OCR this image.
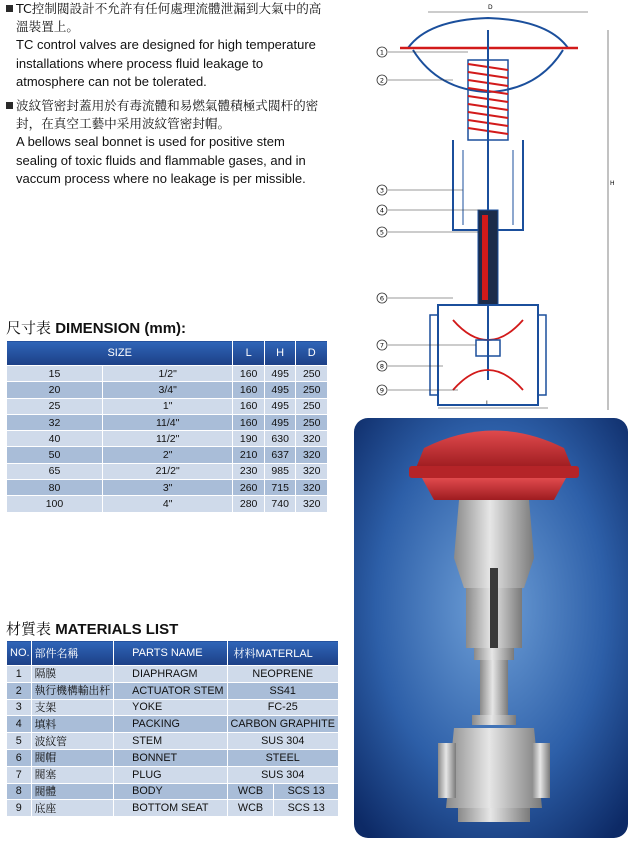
TC控制閥設計不允許有任何處理流體泄漏到大氣中的高溫裝置上。
TC control valves are designed for high temperature installations where process fluid leakage to atmosphere can not be tolerated.
波紋管密封蓋用於有毒流體和易燃氣體積極式閥杆的密封，在真空工藝中采用波紋管密封帽。
A bellows seal bonnet is used for positive stem sealing of toxic fluids and flammable gases, and in vaccum process where no leakage is per missible.
尺寸表 DIMENSION (mm):
SIZE		L	H	D
15	1/2"	160	495	250
20	3/4"	160	495	250
25	1"	160	495	250
32	11/4"	160	495	250
40	11/2"	190	630	320
50	2"	210	637	320
65	21/2"	230	985	320
80	3"	260	715	320
100	4"	280	740	320
材質表 MATERIALS LIST
NO.	部件名稱	PARTS NAME	材料MATERLAL	
1	隔膜	DIAPHRAGM	NEOPRENE	
2	執行機構輸出杆	ACTUATOR STEM	SS41	
3	支架	YOKE	FC-25	
4	填料	PACKING	CARBON GRAPHITE	
5	波紋管	STEM	SUS 304	
6	閥帽	BONNET	STEEL	
7	閥塞	PLUG	SUS 304	
8	閥體	BODY	WCB	SCS 13
9	底座	BOTTOM SEAT	WCB	SCS 13
D
H
L
1
2
3
4
5
6
7
8
9
